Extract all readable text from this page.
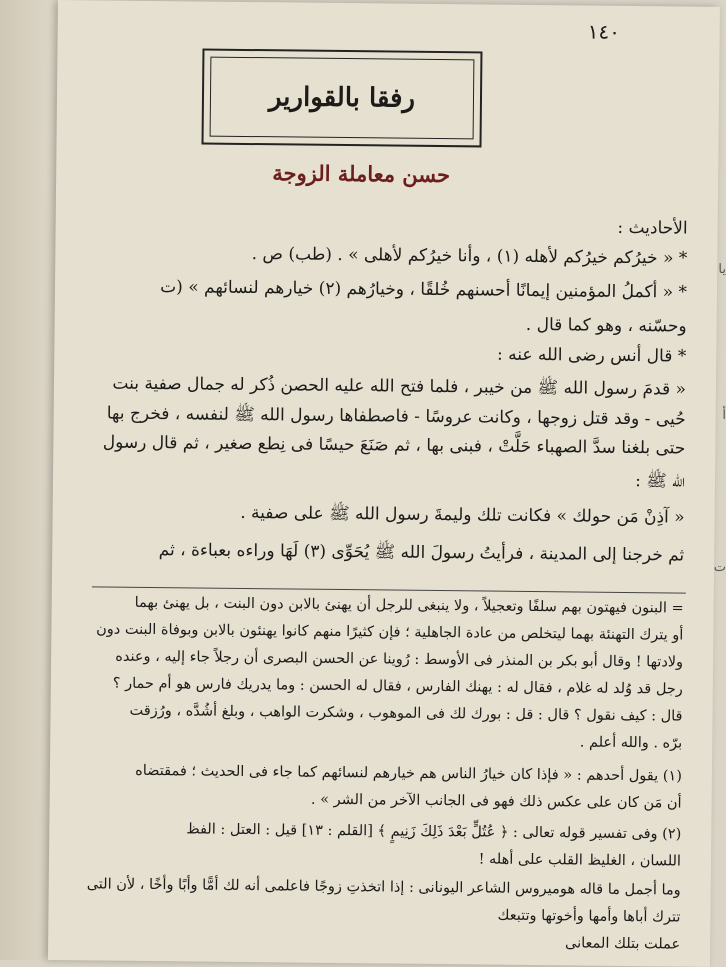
١٤٠
رفقا بالقوارير
حسن معاملة الزوجة
الأحاديث :
* « خيرُكم خيرُكم لأهله (١) ، وأنا خيرُكم لأهلى » . (طب) ص .
* « أكملُ المؤمنين إيمانًا أحسنهم خُلقًا ، وخيارُهم (٢) خيارهم لنسائهم » (ت
وحسّنه ، وهو كما قال .
* قال أنس رضى الله عنه :
« قدمَ رسول الله ﷺ من خيبر ، فلما فتح الله عليه الحصن ذُكر له جمال صفية بنت
حُيى - وقد قتل زوجها ، وكانت عروسًا - فاصطفاها رسول الله ﷺ لنفسه ، فخرج بها
حتى بلغنا سدَّ الصهباء حَلَّتْ ، فبنى بها ، ثم صَنَعَ حيسًا فى نِطع صغير ، ثم قال رسول
الله ﷺ :
« آذِنْ مَن حولك » فكانت تلك وليمةَ رسول الله ﷺ على صفية .
ثم خرجنا إلى المدينة ، فرأيتُ رسولَ الله ﷺ يُحَوِّى (٣) لَهَا وراءه بعباءة ، ثم
= البنون فيهتون بهم سلفًا وتعجيلاً ، ولا ينبغى للرجل أن يهنئ بالابن دون البنت ، بل يهنئ بهما
أو يترك التهنئة بهما ليتخلص من عادة الجاهلية ؛ فإن كثيرًا منهم كانوا يهنئون بالابن وبوفاة البنت دون
ولادتها ! وقال أبو بكر بن المنذر فى الأوسط : رُوينا عن الحسن البصرى أن رجلاً جاء إليه ، وعنده
رجل قد وُلد له غلام ، فقال له : يهنك الفارس ، فقال له الحسن : وما يدريك فارس هو أم حمار ؟
قال : كيف نقول ؟ قال : قل : بورك لك فى الموهوب ، وشكرت الواهب ، وبلغ أشُدَّه ، ورُزقت
برّه . والله أعلم .
(١) يقول أحدهم : « فإذا كان خيارُ الناس هم خيارهم لنسائهم كما جاء فى الحديث ؛ فمقتضاه
أن مَن كان على عكس ذلك فهو فى الجانب الآخر من الشر » .
(٢) وفى تفسير قوله تعالى : ﴿ عُتُلٍّ بَعْدَ ذَلِكَ زَنِيمٍ ﴾ [القلم : ١٣] قيل : العتل : الفظ
اللسان ، الغليظ القلب على أهله !
وما أجمل ما قاله هوميروس الشاعر اليونانى : إذا اتخذتِ زوجًا فاعلمى أنه لك أمًّا وأبًا وأخًا ، لأن التى
تترك أباها وأمها وأخوتها وتتبعك
عملت بتلك المعانى
يا
أ
ت
